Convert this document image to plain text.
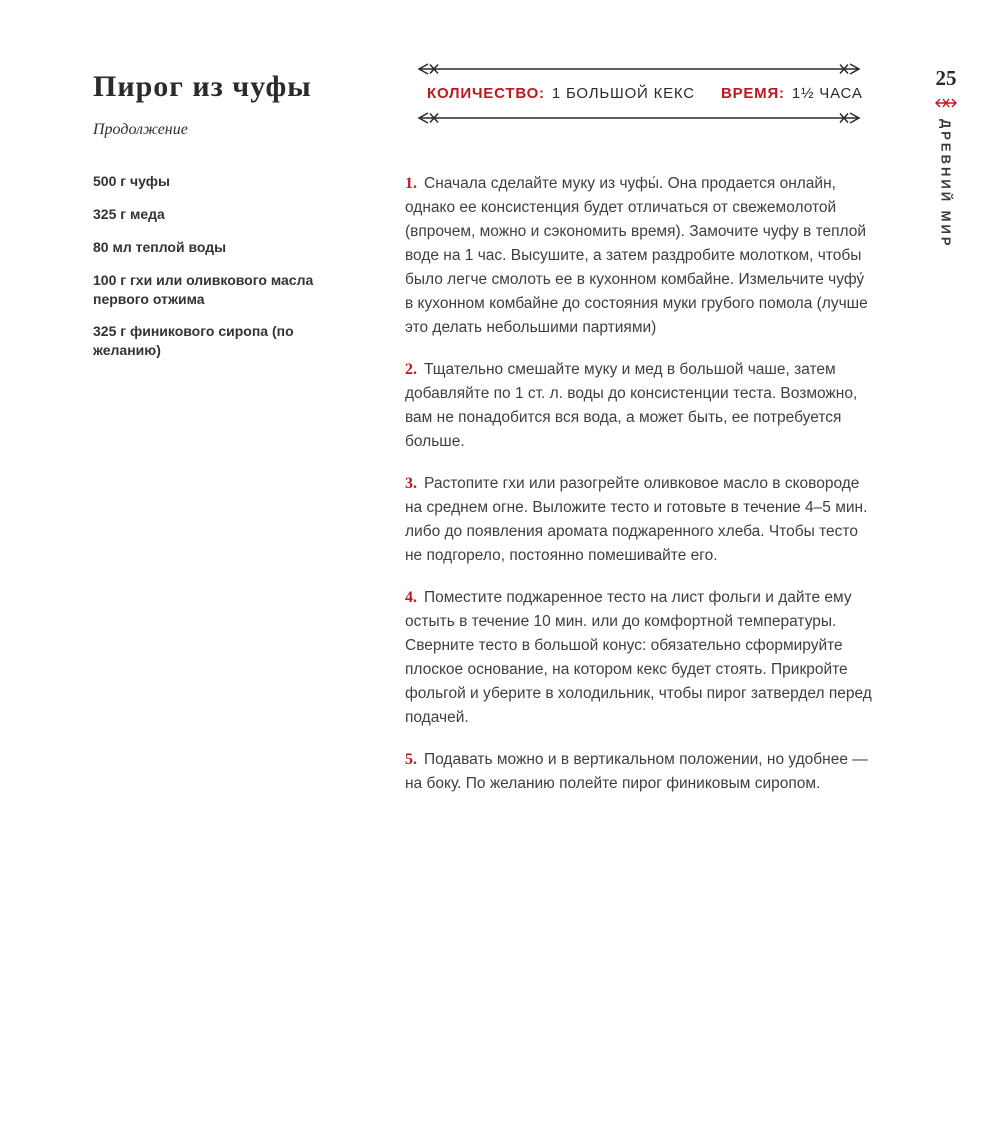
Пирог из чуфы
Продолжение
500 г чуфы
325 г меда
80 мл теплой воды
100 г гхи или оливкового масла первого отжима
325 г финикового сиропа (по желанию)
КОЛИЧЕСТВО: 1 БОЛЬШОЙ КЕКС ВРЕМЯ: 1½ ЧАСА

1. Сначала сделайте муку из чуфы́. Она продается онлайн, однако ее консистенция будет отличаться от свежемолотой (впрочем, можно и сэкономить время). Замочите чуфу в теплой воде на 1 час. Высушите, а затем раздробите молотком, чтобы было легче смолоть ее в кухонном комбайне. Измельчите чуфу́ в кухонном комбайне до состояния муки грубого помола (лучше это делать небольшими партиями)

2. Тщательно смешайте муку и мед в большой чаше, затем добавляйте по 1 ст. л. воды до консистенции теста. Возможно, вам не понадобится вся вода, а может быть, ее потребуется больше.

3. Растопите гхи или разогрейте оливковое масло в сковороде на среднем огне. Выложите тесто и готовьте в течение 4–5 мин. либо до появления аромата поджаренного хлеба. Чтобы тесто не подгорело, постоянно помешивайте его.

4. Поместите поджаренное тесто на лист фольги и дайте ему остыть в течение 10 мин. или до комфортной температуры. Сверните тесто в большой конус: обязательно сформируйте плоское основание, на котором кекс будет стоять. Прикройте фольгой и уберите в холодильник, чтобы пирог затвердел перед подачей.

5. Подавать можно и в вертикальном положении, но удобнее — на боку. По желанию полейте пирог финиковым сиропом.

25
ДРЕВНИЙ МИР
